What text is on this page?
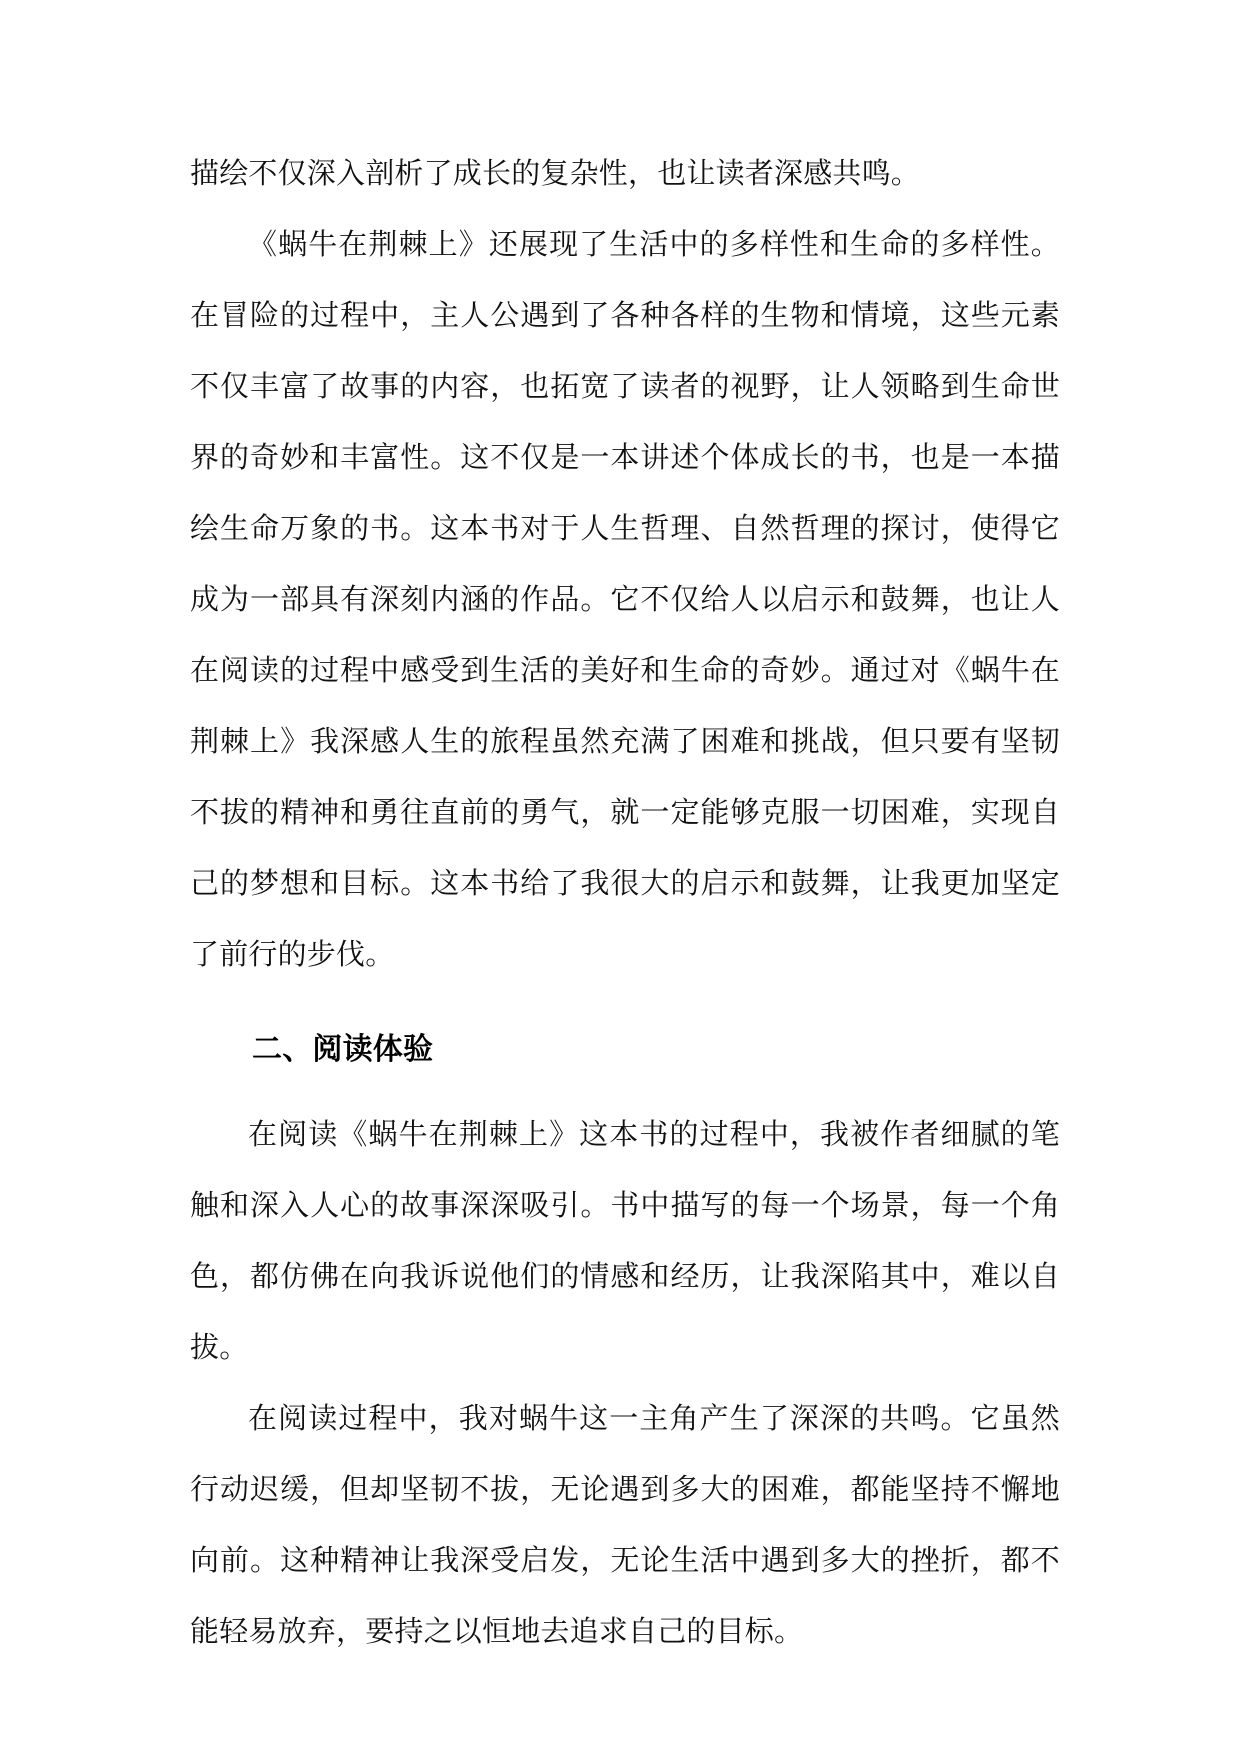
描绘不仅深入剖析了成长的复杂性，也让读者深感共鸣。

《蜗牛在荆棘上》还展现了生活中的多样性和生命的多样性。在冒险的过程中，主人公遇到了各种各样的生物和情境，这些元素不仅丰富了故事的内容，也拓宽了读者的视野，让人领略到生命世界的奇妙和丰富性。这不仅是一本讲述个体成长的书，也是一本描绘生命万象的书。这本书对于人生哲理、自然哲理的探讨，使得它成为一部具有深刻内涵的作品。它不仅给人以启示和鼓舞，也让人在阅读的过程中感受到生活的美好和生命的奇妙。通过对《蜗牛在荆棘上》我深感人生的旅程虽然充满了困难和挑战，但只要有坚韧不拔的精神和勇往直前的勇气，就一定能够克服一切困难，实现自己的梦想和目标。这本书给了我很大的启示和鼓舞，让我更加坚定了前行的步伐。

二、阅读体验

在阅读《蜗牛在荆棘上》这本书的过程中，我被作者细腻的笔触和深入人心的故事深深吸引。书中描写的每一个场景，每一个角色，都仿佛在向我诉说他们的情感和经历，让我深陷其中，难以自拔。

在阅读过程中，我对蜗牛这一主角产生了深深的共鸣。它虽然行动迟缓，但却坚韧不拔，无论遇到多大的困难，都能坚持不懈地向前。这种精神让我深受启发，无论生活中遇到多大的挫折，都不能轻易放弃，要持之以恒地去追求自己的目标。
